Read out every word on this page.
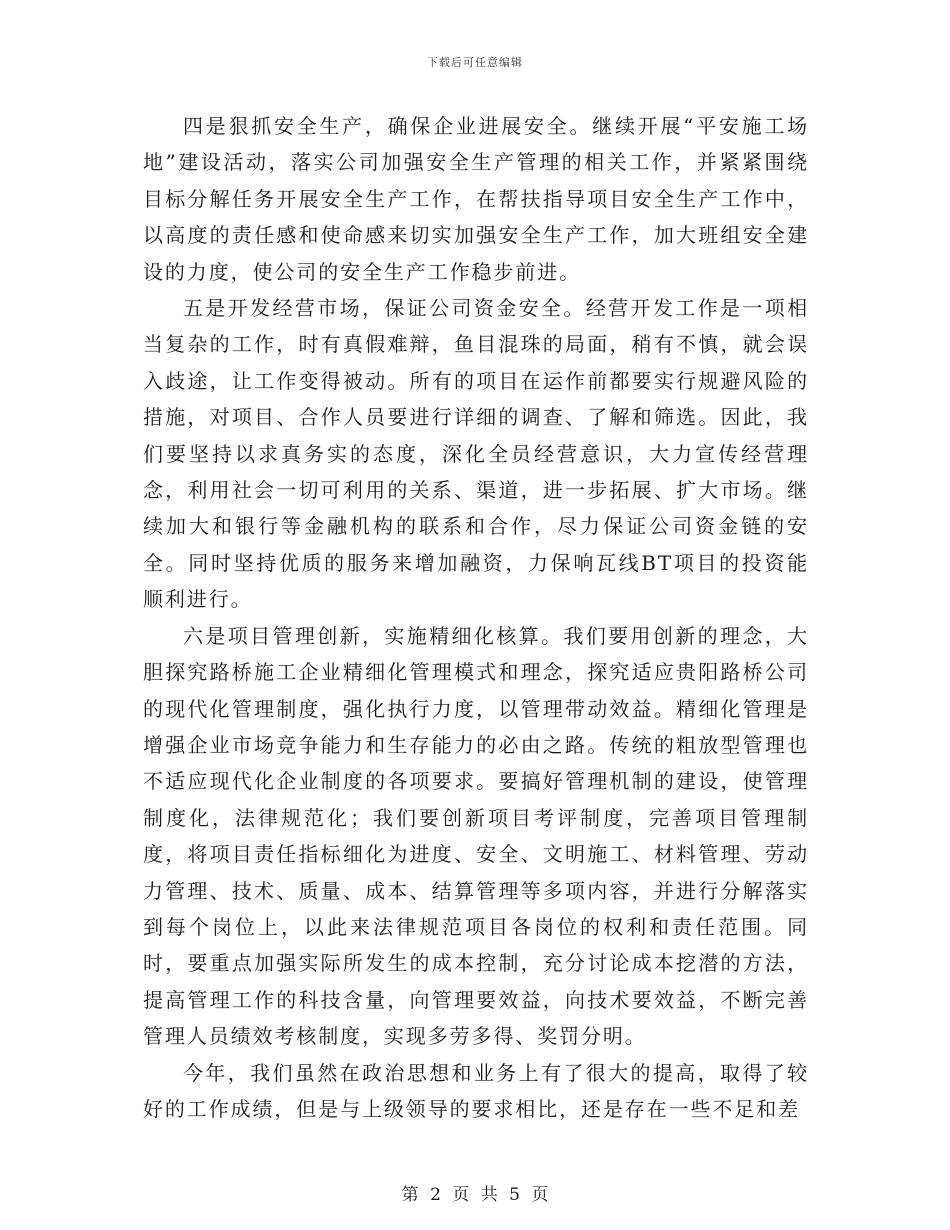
下载后可任意编辑

四是狠抓安全生产，确保企业进展安全。继续开展“平安施工场地”建设活动，落实公司加强安全生产管理的相关工作，并紧紧围绕目标分解任务开展安全生产工作，在帮扶指导项目安全生产工作中，以高度的责任感和使命感来切实加强安全生产工作，加大班组安全建设的力度，使公司的安全生产工作稳步前进。

五是开发经营市场，保证公司资金安全。经营开发工作是一项相当复杂的工作，时有真假难辩，鱼目混珠的局面，稍有不慎，就会误入歧途，让工作变得被动。所有的项目在运作前都要实行规避风险的措施，对项目、合作人员要进行详细的调查、了解和筛选。因此，我们要坚持以求真务实的态度，深化全员经营意识，大力宣传经营理念，利用社会一切可利用的关系、渠道，进一步拓展、扩大市场。继续加大和银行等金融机构的联系和合作，尽力保证公司资金链的安全。同时坚持优质的服务来增加融资，力保响瓦线BT项目的投资能顺利进行。

六是项目管理创新，实施精细化核算。我们要用创新的理念，大胆探究路桥施工企业精细化管理模式和理念，探究适应贵阳路桥公司的现代化管理制度，强化执行力度，以管理带动效益。精细化管理是增强企业市场竞争能力和生存能力的必由之路。传统的粗放型管理也不适应现代化企业制度的各项要求。要搞好管理机制的建设，使管理制度化，法律规范化；我们要创新项目考评制度，完善项目管理制度，将项目责任指标细化为进度、安全、文明施工、材料管理、劳动力管理、技术、质量、成本、结算管理等多项内容，并进行分解落实到每个岗位上，以此来法律规范项目各岗位的权利和责任范围。同时，要重点加强实际所发生的成本控制，充分讨论成本挖潜的方法，提高管理工作的科技含量，向管理要效益，向技术要效益，不断完善管理人员绩效考核制度，实现多劳多得、奖罚分明。

今年，我们虽然在政治思想和业务上有了很大的提高，取得了较好的工作成绩，但是与上级领导的要求相比，还是存在一些不足和差

第 2 页 共 5 页
